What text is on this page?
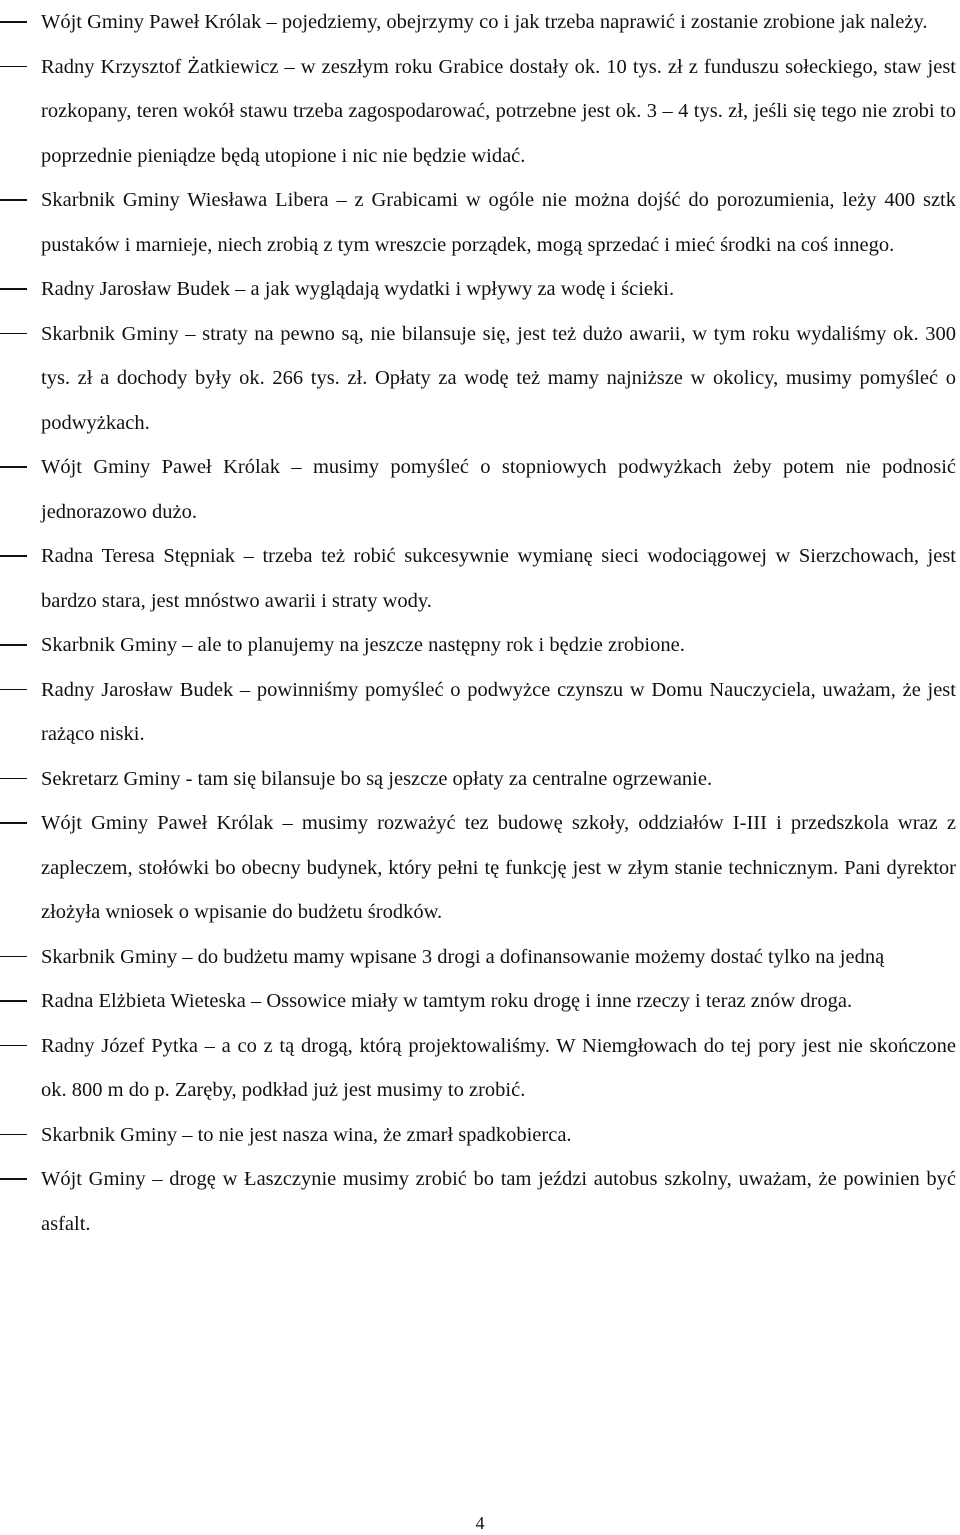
Wójt Gminy Paweł Królak – pojedziemy, obejrzymy co i jak trzeba naprawić i zostanie zrobione jak należy.
Radny Krzysztof Żatkiewicz – w zeszłym roku Grabice dostały ok. 10 tys. zł z funduszu sołeckiego, staw jest rozkopany, teren wokół stawu trzeba zagospodarować, potrzebne jest ok. 3 – 4 tys. zł, jeśli się tego nie zrobi to poprzednie pieniądze będą utopione i nic nie będzie widać.
Skarbnik Gminy Wiesława Libera – z Grabicami w ogóle nie można dojść do porozumienia, leży 400 sztk pustaków i marnieje, niech zrobią z tym wreszcie porządek, mogą sprzedać i mieć środki na coś innego.
Radny Jarosław Budek – a jak wyglądają wydatki i wpływy za wodę i ścieki.
Skarbnik Gminy – straty na pewno są, nie bilansuje się, jest też dużo awarii, w tym roku wydaliśmy ok. 300 tys. zł a dochody były ok. 266 tys. zł. Opłaty za wodę też mamy najniższe w okolicy, musimy pomyśleć o podwyżkach.
Wójt Gminy Paweł Królak – musimy pomyśleć o stopniowych podwyżkach żeby potem nie podnosić jednorazowo dużo.
Radna Teresa Stępniak – trzeba też robić sukcesywnie wymianę sieci wodociągowej w Sierzchowach, jest bardzo stara, jest mnóstwo awarii i straty wody.
Skarbnik Gminy – ale to planujemy na jeszcze następny rok i będzie zrobione.
Radny Jarosław Budek – powinniśmy pomyśleć o podwyżce czynszu w Domu Nauczyciela, uważam, że jest rażąco niski.
Sekretarz Gminy - tam się bilansuje bo są jeszcze opłaty za centralne ogrzewanie.
Wójt Gminy Paweł Królak – musimy rozważyć tez budowę szkoły, oddziałów I-III i przedszkola wraz z zapleczem, stołówki bo obecny budynek, który pełni tę funkcję jest w złym stanie technicznym. Pani dyrektor złożyła wniosek o wpisanie do budżetu środków.
Skarbnik Gminy – do budżetu mamy wpisane 3 drogi a dofinansowanie możemy dostać tylko na jedną
Radna Elżbieta Wieteska – Ossowice miały w tamtym roku drogę i inne rzeczy i teraz znów droga.
Radny Józef Pytka – a co z tą drogą, którą projektowaliśmy. W Niemgłowach do tej pory jest nie skończone ok. 800 m do p. Zaręby, podkład już jest musimy to zrobić.
Skarbnik Gminy – to nie jest nasza wina, że zmarł spadkobierca.
Wójt Gminy – drogę w Łaszczynie musimy zrobić bo tam jeździ autobus szkolny, uważam, że powinien być asfalt.
4
